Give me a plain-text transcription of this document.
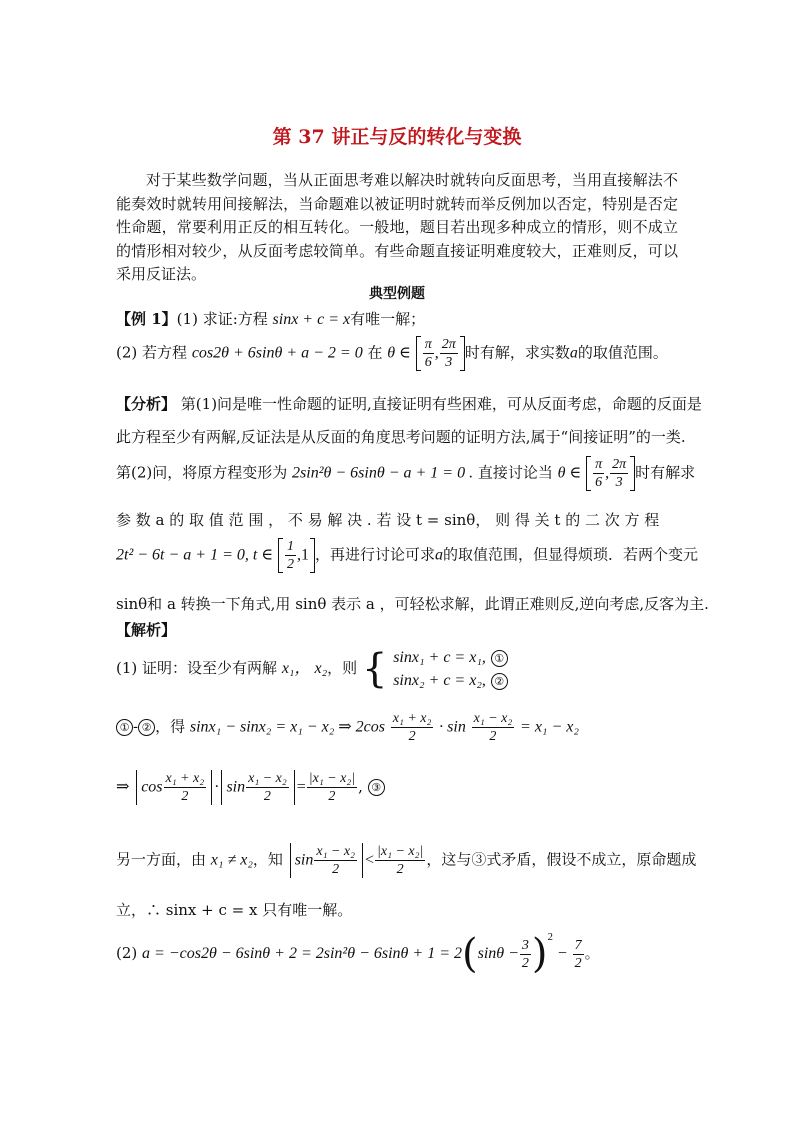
第 37 讲正与反的转化与变换
对于某些数学问题，当从正面思考难以解决时就转向反面思考，当用直接解法不能奏效时就转用间接解法，当命题难以被证明时就转而举反例加以否定，特别是否定性命题，常要利用正反的相互转化。一般地，题目若出现多种成立的情形，则不成立的情形相对较少，从反面考虑较简单。有些命题直接证明难度较大，正难则反，可以采用反证法。
典型例题
【例 1】(1) 求证:方程 sinx + c = x有唯一解；
(2) 若方程 cos2θ + 6sinθ + a − 2 = 0 在 θ ∈ $\frac{\pi}{6}$ , $\frac{2\pi}{3}$ 时有解，求实数a的取值范围。
【分析】 第(1)问是唯一性命题的证明,直接证明有些困难，可从反面考虑，命题的反面是
此方程至少有两解,反证法是从反面的角度思考问题的证明方法,属于“间接证明”的一类.
第(2)问，将原方程变形为 2sin²θ − 6sinθ − a + 1 = 0 . 直接讨论当 θ ∈ $\frac{\pi}{6}$ , $\frac{2\pi}{3}$ 时有解求
参 数 a 的 取 值 范 围 ， 不 易 解 决 . 若 设 t = sinθ， 则 得 关 t 的 二 次 方 程
2t² − 6t − a + 1 = 0, t ∈ $\frac{1}{2} ,1$ ，再进行讨论可求a的取值范围，但显得烦琐．若两个变元
sinθ和 a 转换一下角式,用 sinθ 表示 a ，可轻松求解，此谓正难则反,逆向考虑,反客为主.
【解析】
(1) 证明：设至少有两解 x₁， x₂，则 { sinx₁ + c = x₁, ①
sinx₂ + c = x₂, ②
① - ② ，得 sinx₁ − sinx₂ = x₁ − x₂ ⇒ $2\cos \frac{\text{x₁ + x₂}}{2} \cdot \sin \frac{\text{x₁ − x₂}}{2} = x_1 - x_2$
⇒ $\cos \frac{\text{x₁ + x₂}}{2} \cdot \sin \frac{\text{x₁ − x₂}}{2} = \frac{\text{|x₁ − x₂|}}{2}$ , ③
另一方面，由 x₁ ≠ x₂，知 $\sin \frac{\text{x₁ − x₂}}{2} < \frac{\text{|x₁ − x₂|}}{2}$ ，这与③式矛盾，假设不成立，原命题成
立，∴ sinx + c = x 只有唯一解。
(2) $a = -\cos 2\theta - 6\sin\theta + 2 = 2\sin^2\theta - 6\sin\theta + 1 = 2(\sin\theta - \frac{3}{2} )^2 - \frac{7}{2}$ 。
